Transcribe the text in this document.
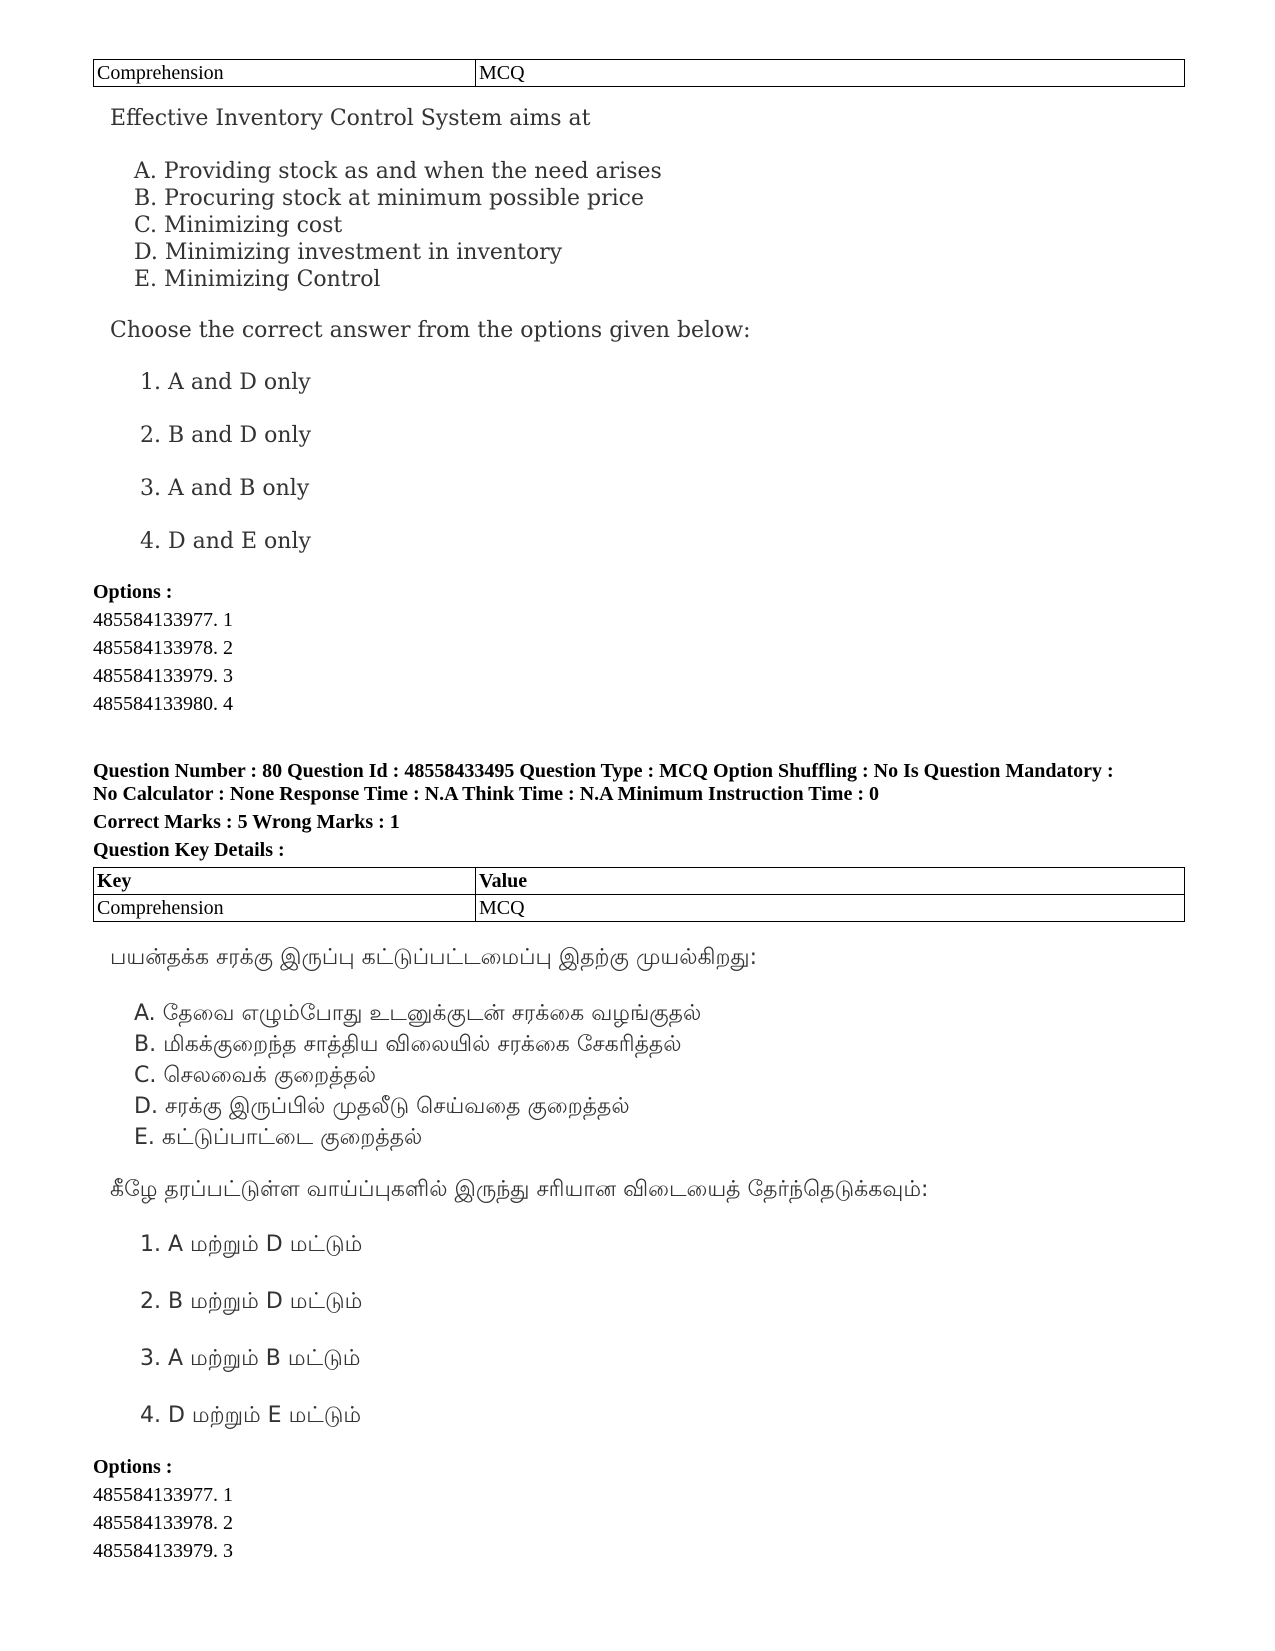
Comprehension	MCQ
Effective Inventory Control System aims at
A. Providing stock as and when the need arises
B. Procuring stock at minimum possible price
C. Minimizing cost
D. Minimizing investment in inventory
E. Minimizing Control
Choose the correct answer from the options given below:
1. A and D only
2. B and D only
3. A and B only
4. D and E only
Options :
485584133977. 1
485584133978. 2
485584133979. 3
485584133980. 4
Question Number : 80 Question Id : 48558433495 Question Type : MCQ Option Shuffling : No Is Question Mandatory :
No Calculator : None Response Time : N.A Think Time : N.A Minimum Instruction Time : 0
Correct Marks : 5 Wrong Marks : 1
Question Key Details :
Key	Value
Comprehension	MCQ
பயன்தக்க சரக்கு இருப்பு கட்டுப்பட்டமைப்பு இதற்கு முயல்கிறது:
A. தேவை எழும்போது உடனுக்குடன் சரக்கை வழங்குதல்
B. மிகக்குறைந்த சாத்திய விலையில் சரக்கை சேகரித்தல்
C. செலவைக் குறைத்தல்
D. சரக்கு இருப்பில் முதலீடு செய்வதை குறைத்தல்
E. கட்டுப்பாட்டை குறைத்தல்
கீழே தரப்பட்டுள்ள வாய்ப்புகளில் இருந்து சரியான விடையைத் தேர்ந்தெடுக்கவும்:
1. A மற்றும் D மட்டும்
2. B மற்றும் D மட்டும்
3. A மற்றும் B மட்டும்
4. D மற்றும் E மட்டும்
Options :
485584133977. 1
485584133978. 2
485584133979. 3
